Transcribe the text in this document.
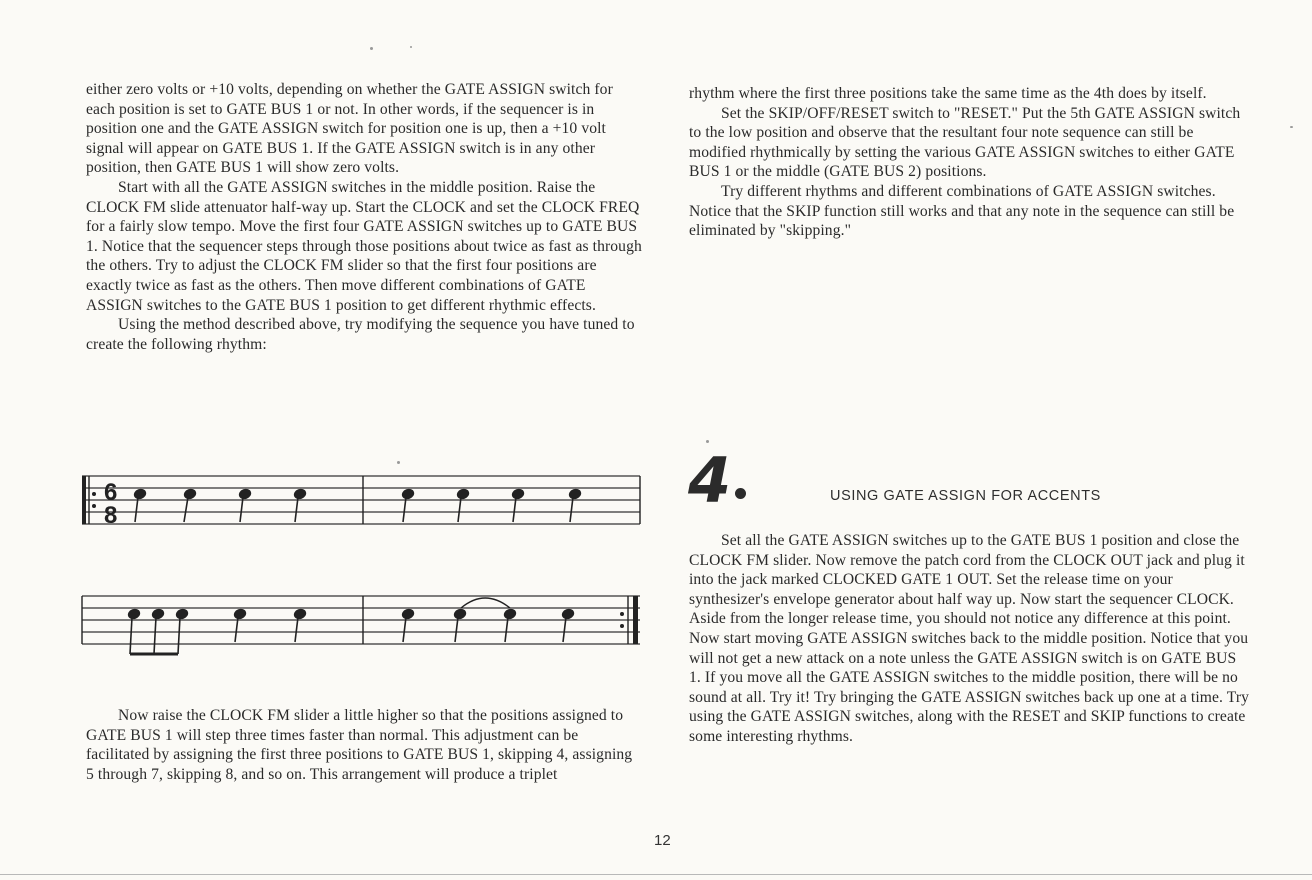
either zero volts or +10 volts, depending on whether the GATE ASSIGN switch for each position is set to GATE BUS 1 or not. In other words, if the sequencer is in position one and the GATE ASSIGN switch for position one is up, then a +10 volt signal will appear on GATE BUS 1. If the GATE ASSIGN switch is in any other position, then GATE BUS 1 will show zero volts.

Start with all the GATE ASSIGN switches in the middle position. Raise the CLOCK FM slide attenuator half-way up. Start the CLOCK and set the CLOCK FREQ for a fairly slow tempo. Move the first four GATE ASSIGN switches up to GATE BUS 1. Notice that the sequencer steps through those positions about twice as fast as through the others. Try to adjust the CLOCK FM slider so that the first four positions are exactly twice as fast as the others. Then move different combinations of GATE ASSIGN switches to the GATE BUS 1 position to get different rhythmic effects.

Using the method described above, try modifying the sequence you have tuned to create the following rhythm:

6
8

Now raise the CLOCK FM slider a little higher so that the positions assigned to GATE BUS 1 will step three times faster than normal. This adjustment can be facilitated by assigning the first three positions to GATE BUS 1, skipping 4, assigning 5 through 7, skipping 8, and so on. This arrangement will produce a triplet

rhythm where the first three positions take the same time as the 4th does by itself.

Set the SKIP/OFF/RESET switch to "RESET." Put the 5th GATE ASSIGN switch to the low position and observe that the resultant four note sequence can still be modified rhythmically by setting the various GATE ASSIGN switches to either GATE BUS 1 or the middle (GATE BUS 2) positions.

Try different rhythms and different combinations of GATE ASSIGN switches. Notice that the SKIP function still works and that any note in the sequence can still be eliminated by "skipping."

4	USING GATE ASSIGN FOR ACCENTS

Set all the GATE ASSIGN switches up to the GATE BUS 1 position and close the CLOCK FM slider. Now remove the patch cord from the CLOCK OUT jack and plug it into the jack marked CLOCKED GATE 1 OUT. Set the release time on your synthesizer's envelope generator about half way up. Now start the sequencer CLOCK. Aside from the longer release time, you should not notice any difference at this point. Now start moving GATE ASSIGN switches back to the middle position. Notice that you will not get a new attack on a note unless the GATE ASSIGN switch is on GATE BUS 1. If you move all the GATE ASSIGN switches to the middle position, there will be no sound at all. Try it! Try bringing the GATE ASSIGN switches back up one at a time. Try using the GATE ASSIGN switches, along with the RESET and SKIP functions to create some interesting rhythms.

12
